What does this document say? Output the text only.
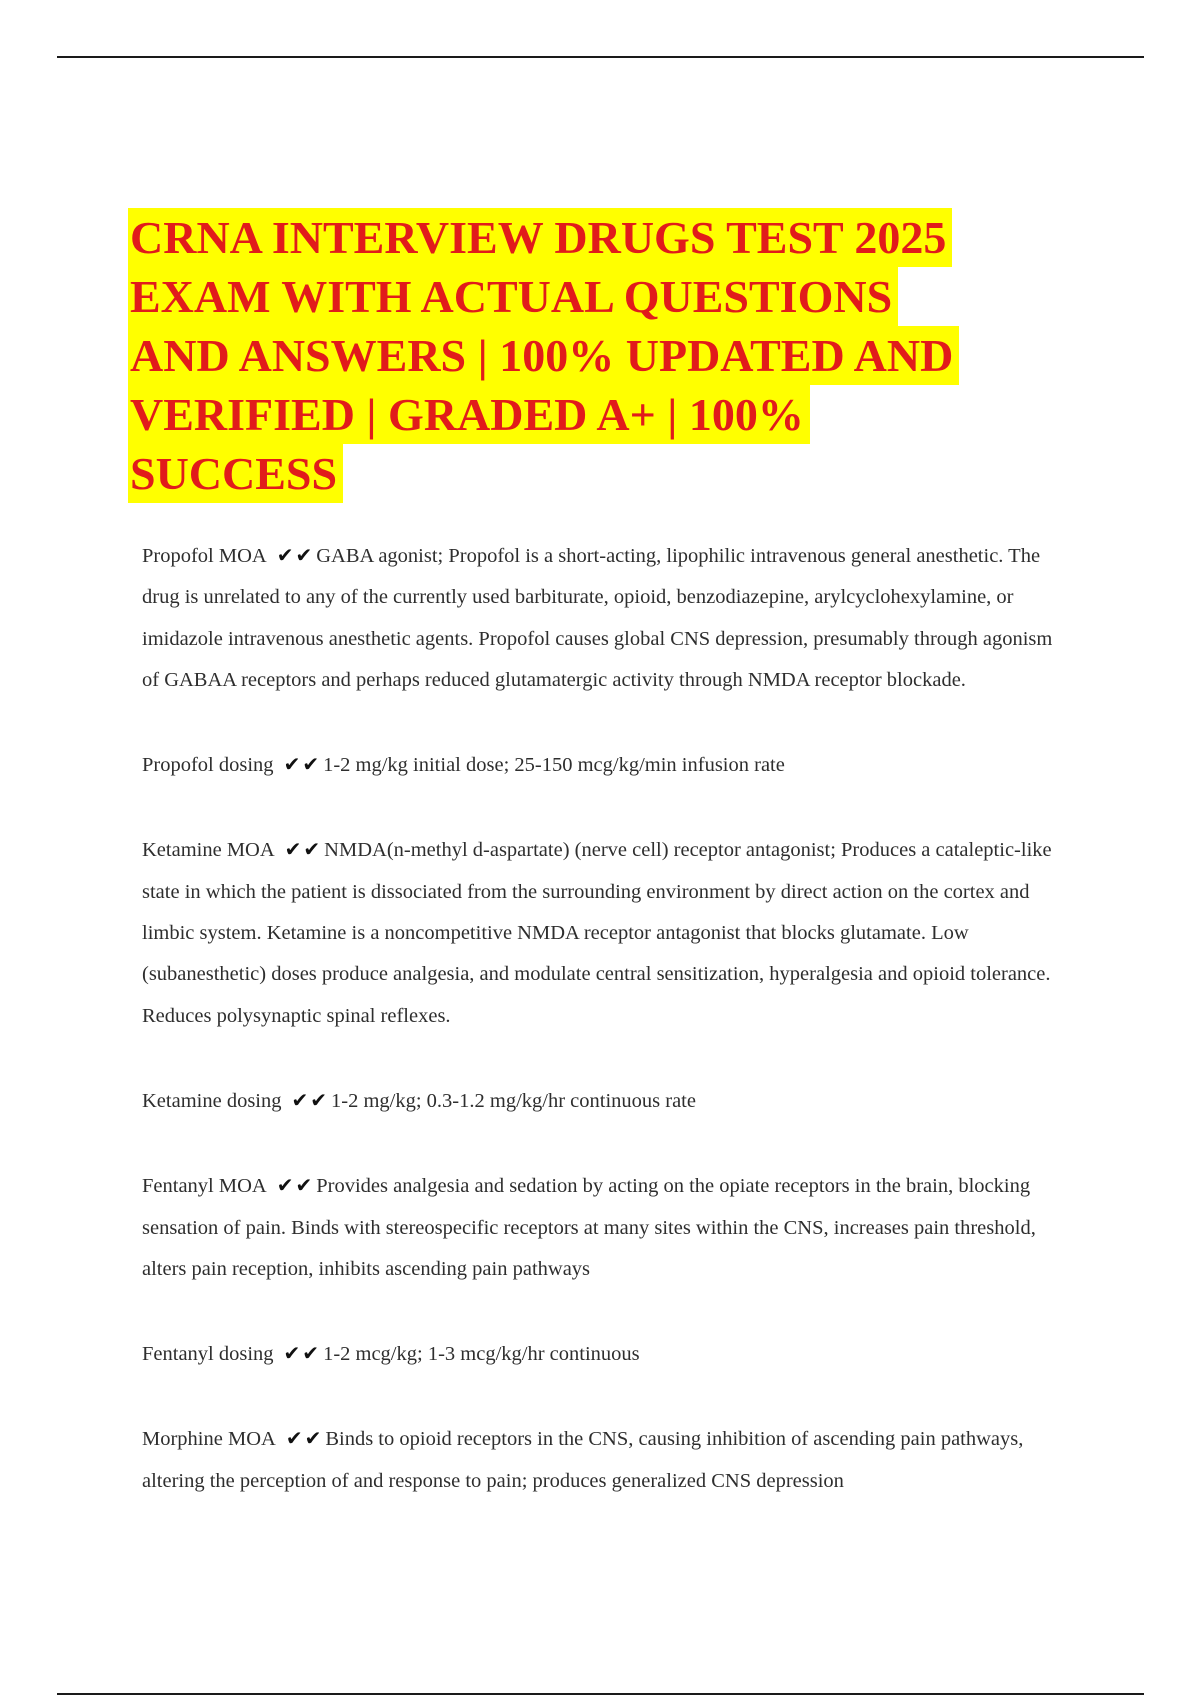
CRNA INTERVIEW DRUGS TEST 2025
EXAM WITH ACTUAL QUESTIONS
AND ANSWERS | 100% UPDATED AND
VERIFIED | GRADED A+ | 100%
SUCCESS

Propofol MOA ✔✔GABA agonist; Propofol is a short-acting, lipophilic intravenous general anesthetic. The drug is unrelated to any of the currently used barbiturate, opioid, benzodiazepine, arylcyclohexylamine, or imidazole intravenous anesthetic agents. Propofol causes global CNS depression, presumably through agonism of GABAA receptors and perhaps reduced glutamatergic activity through NMDA receptor blockade.

Propofol dosing ✔✔1-2 mg/kg initial dose; 25-150 mcg/kg/min infusion rate

Ketamine MOA ✔✔NMDA(n-methyl d-aspartate) (nerve cell) receptor antagonist; Produces a cataleptic-like state in which the patient is dissociated from the surrounding environment by direct action on the cortex and limbic system. Ketamine is a noncompetitive NMDA receptor antagonist that blocks glutamate. Low (subanesthetic) doses produce analgesia, and modulate central sensitization, hyperalgesia and opioid tolerance. Reduces polysynaptic spinal reflexes.

Ketamine dosing ✔✔1-2 mg/kg; 0.3-1.2 mg/kg/hr continuous rate

Fentanyl MOA ✔✔Provides analgesia and sedation by acting on the opiate receptors in the brain, blocking sensation of pain. Binds with stereospecific receptors at many sites within the CNS, increases pain threshold, alters pain reception, inhibits ascending pain pathways

Fentanyl dosing ✔✔1-2 mcg/kg; 1-3 mcg/kg/hr continuous

Morphine MOA ✔✔Binds to opioid receptors in the CNS, causing inhibition of ascending pain pathways, altering the perception of and response to pain; produces generalized CNS depression
